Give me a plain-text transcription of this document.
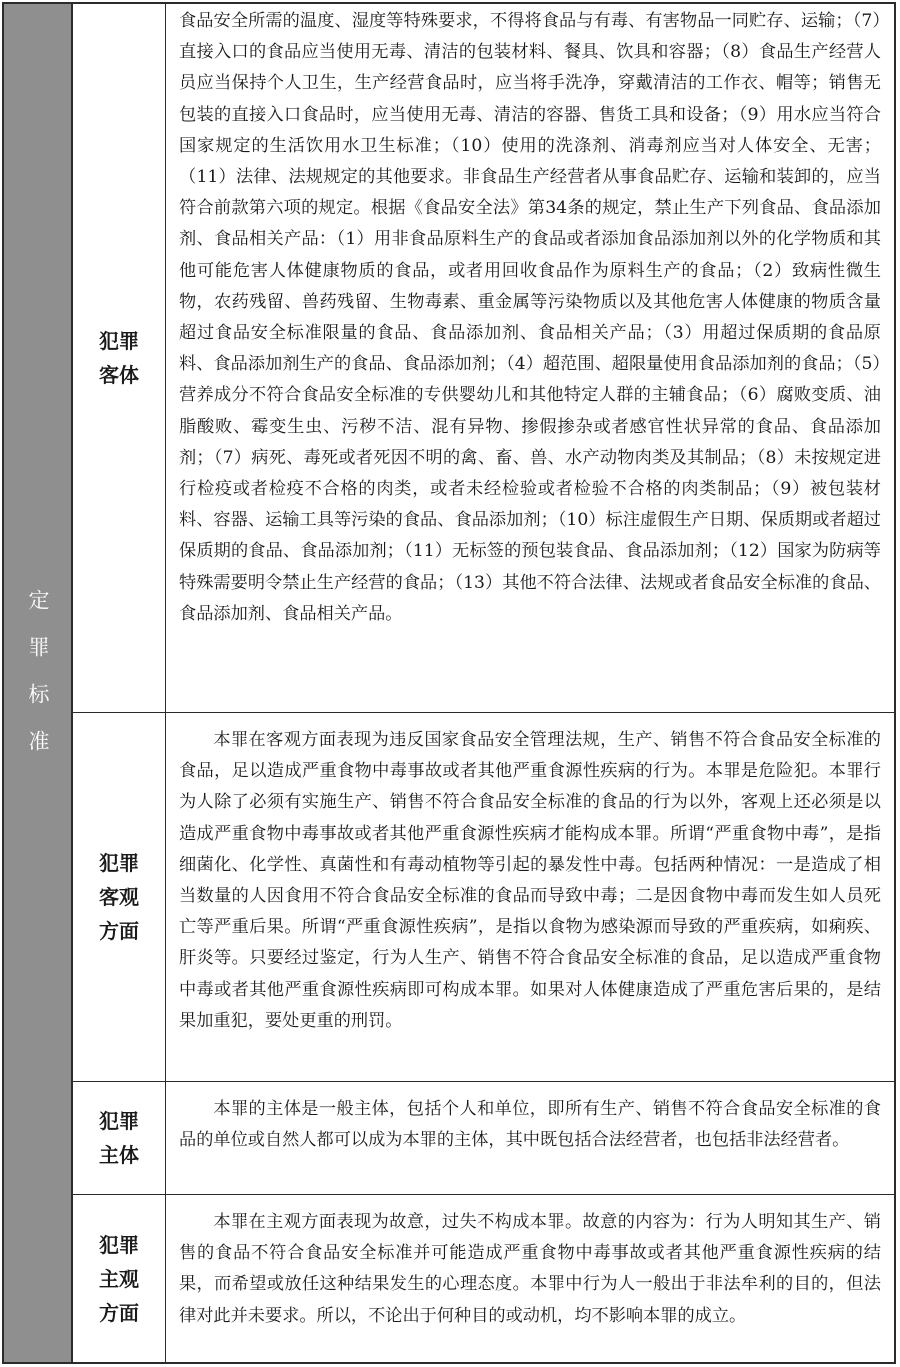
定罪标准
犯罪
客体
食品安全所需的温度、湿度等特殊要求，不得将食品与有毒、有害物品一同贮存、运输；（7）直接入口的食品应当使用无毒、清洁的包装材料、餐具、饮具和容器；（8）食品生产经营人员应当保持个人卫生，生产经营食品时，应当将手洗净，穿戴清洁的工作衣、帽等；销售无包装的直接入口食品时，应当使用无毒、清洁的容器、售货工具和设备；（9）用水应当符合国家规定的生活饮用水卫生标准；（10）使用的洗涤剂、消毒剂应当对人体安全、无害；（11）法律、法规规定的其他要求。非食品生产经营者从事食品贮存、运输和装卸的，应当符合前款第六项的规定。根据《食品安全法》第34条的规定，禁止生产下列食品、食品添加剂、食品相关产品：（1）用非食品原料生产的食品或者添加食品添加剂以外的化学物质和其他可能危害人体健康物质的食品，或者用回收食品作为原料生产的食品；（2）致病性微生物，农药残留、兽药残留、生物毒素、重金属等污染物质以及其他危害人体健康的物质含量超过食品安全标准限量的食品、食品添加剂、食品相关产品；（3）用超过保质期的食品原料、食品添加剂生产的食品、食品添加剂；（4）超范围、超限量使用食品添加剂的食品；（5）营养成分不符合食品安全标准的专供婴幼儿和其他特定人群的主辅食品；（6）腐败变质、油脂酸败、霉变生虫、污秽不洁、混有异物、掺假掺杂或者感官性状异常的食品、食品添加剂；（7）病死、毒死或者死因不明的禽、畜、兽、水产动物肉类及其制品；（8）未按规定进行检疫或者检疫不合格的肉类，或者未经检验或者检验不合格的肉类制品；（9）被包装材料、容器、运输工具等污染的食品、食品添加剂；（10）标注虚假生产日期、保质期或者超过保质期的食品、食品添加剂；（11）无标签的预包装食品、食品添加剂；（12）国家为防病等特殊需要明令禁止生产经营的食品；（13）其他不符合法律、法规或者食品安全标准的食品、食品添加剂、食品相关产品。
犯罪
客观
方面
本罪在客观方面表现为违反国家食品安全管理法规，生产、销售不符合食品安全标准的食品，足以造成严重食物中毒事故或者其他严重食源性疾病的行为。本罪是危险犯。本罪行为人除了必须有实施生产、销售不符合食品安全标准的食品的行为以外，客观上还必须是以造成严重食物中毒事故或者其他严重食源性疾病才能构成本罪。所谓“严重食物中毒”，是指细菌化、化学性、真菌性和有毒动植物等引起的暴发性中毒。包括两种情况：一是造成了相当数量的人因食用不符合食品安全标准的食品而导致中毒；二是因食物中毒而发生如人员死亡等严重后果。所谓“严重食源性疾病”，是指以食物为感染源而导致的严重疾病，如痢疾、肝炎等。只要经过鉴定，行为人生产、销售不符合食品安全标准的食品，足以造成严重食物中毒或者其他严重食源性疾病即可构成本罪。如果对人体健康造成了严重危害后果的，是结果加重犯，要处更重的刑罚。
犯罪
主体
本罪的主体是一般主体，包括个人和单位，即所有生产、销售不符合食品安全标准的食品的单位或自然人都可以成为本罪的主体，其中既包括合法经营者，也包括非法经营者。
犯罪
主观
方面
本罪在主观方面表现为故意，过失不构成本罪。故意的内容为：行为人明知其生产、销售的食品不符合食品安全标准并可能造成严重食物中毒事故或者其他严重食源性疾病的结果，而希望或放任这种结果发生的心理态度。本罪中行为人一般出于非法牟利的目的，但法律对此并未要求。所以，不论出于何种目的或动机，均不影响本罪的成立。
